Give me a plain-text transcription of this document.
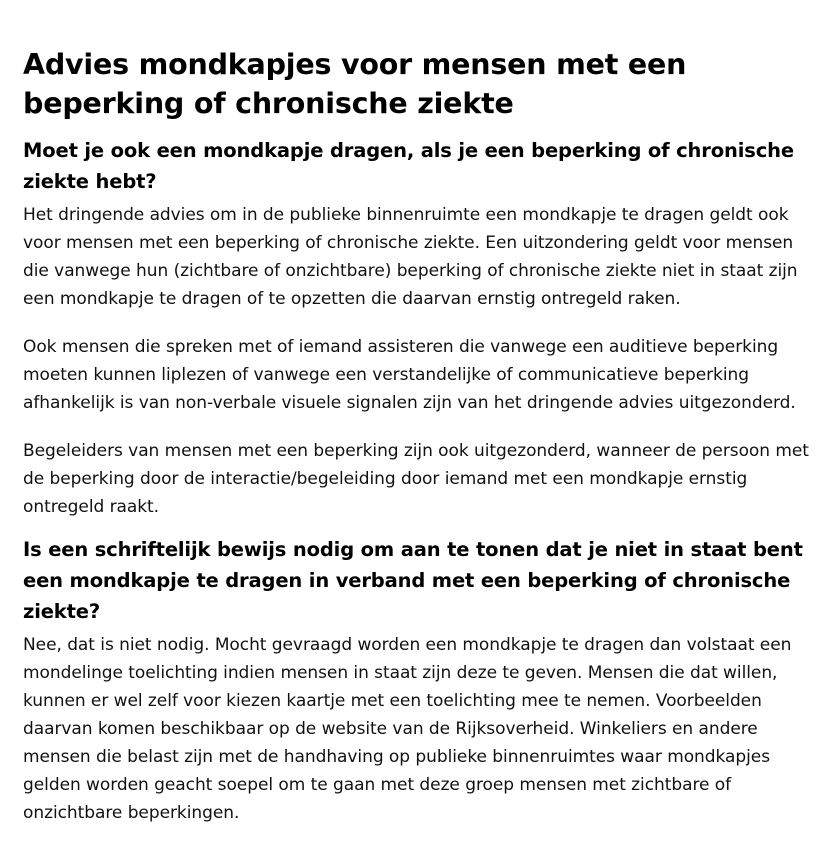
Advies mondkapjes voor mensen met een beperking of chronische ziekte
Moet je ook een mondkapje dragen, als je een beperking of chronische ziekte hebt?

Het dringende advies om in de publieke binnenruimte een mondkapje te dragen geldt ook voor mensen met een beperking of chronische ziekte. Een uitzondering geldt voor mensen die vanwege hun (zichtbare of onzichtbare) beperking of chronische ziekte niet in staat zijn een mondkapje te dragen of te opzetten die daarvan ernstig ontregeld raken.

Ook mensen die spreken met of iemand assisteren die vanwege een auditieve beperking moeten kunnen liplezen of vanwege een verstandelijke of communicatieve beperking afhankelijk is van non-verbale visuele signalen zijn van het dringende advies uitgezonderd.

Begeleiders van mensen met een beperking zijn ook uitgezonderd, wanneer de persoon met de beperking door de interactie/begeleiding door iemand met een mondkapje ernstig ontregeld raakt.

Is een schriftelijk bewijs nodig om aan te tonen dat je niet in staat bent een mondkapje te dragen in verband met een beperking of chronische ziekte?

Nee, dat is niet nodig. Mocht gevraagd worden een mondkapje te dragen dan volstaat een mondelinge toelichting indien mensen in staat zijn deze te geven. Mensen die dat willen, kunnen er wel zelf voor kiezen kaartje met een toelichting mee te nemen. Voorbeelden daarvan komen beschikbaar op de website van de Rijksoverheid. Winkeliers en andere mensen die belast zijn met de handhaving op publieke binnenruimtes waar mondkapjes gelden worden geacht soepel om te gaan met deze groep mensen met zichtbare of onzichtbare beperkingen.
